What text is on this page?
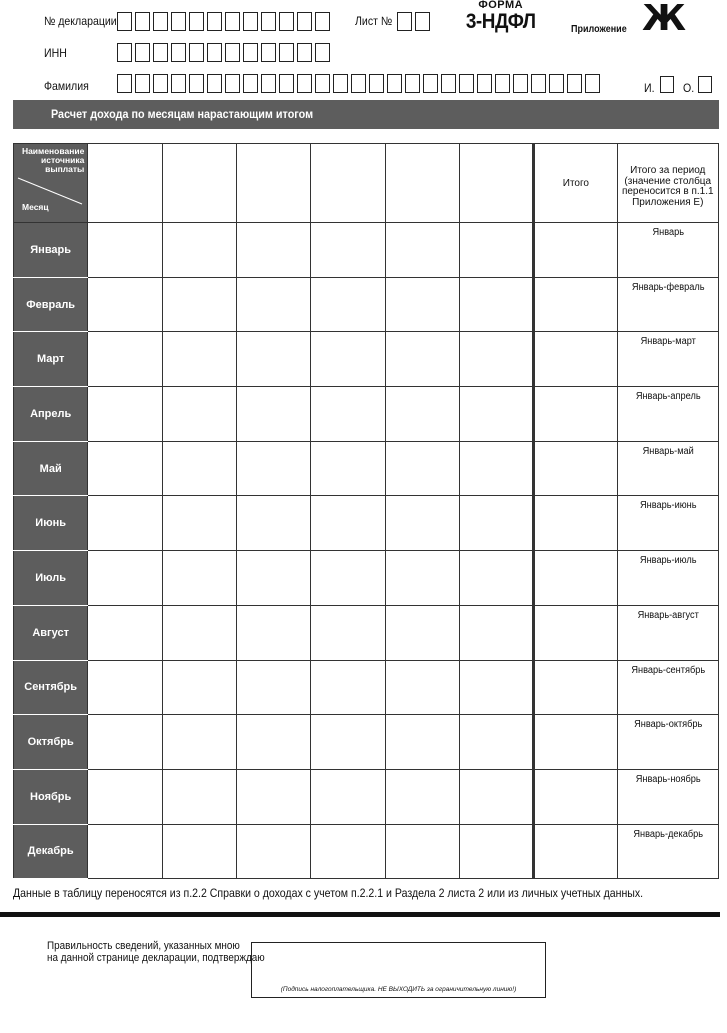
№ декларации	Лист №
ФОРМА
3-НДФЛ	Приложение Ж
ИНН
Фамилия	И. О.
Расчет дохода по месяцам нарастающим итогом
Наименование источника выплаты
Месяц							Итого	Итого за период (значение столбца переносится в п.1.1 Приложения Е)
Январь								Январь

Февраль								Январь-февраль

Март								Январь-март

Апрель								Январь-апрель

Май								Январь-май

Июнь								Январь-июнь

Июль								Январь-июль

Август								Январь-август

Сентябрь								Январь-сентябрь

Октябрь								Январь-октябрь

Ноябрь								Январь-ноябрь

Декабрь								Январь-декабрь
Данные в таблицу переносятся из п.2.2 Справки о доходах с учетом п.2.2.1 и Раздела 2 листа 2 или из личных учетных данных.
Правильность сведений, указанных мною
на данной странице декларации, подтверждаю
(Подпись налогоплательщика. НЕ ВЫХОДИТЬ за ограничительную линию!)
